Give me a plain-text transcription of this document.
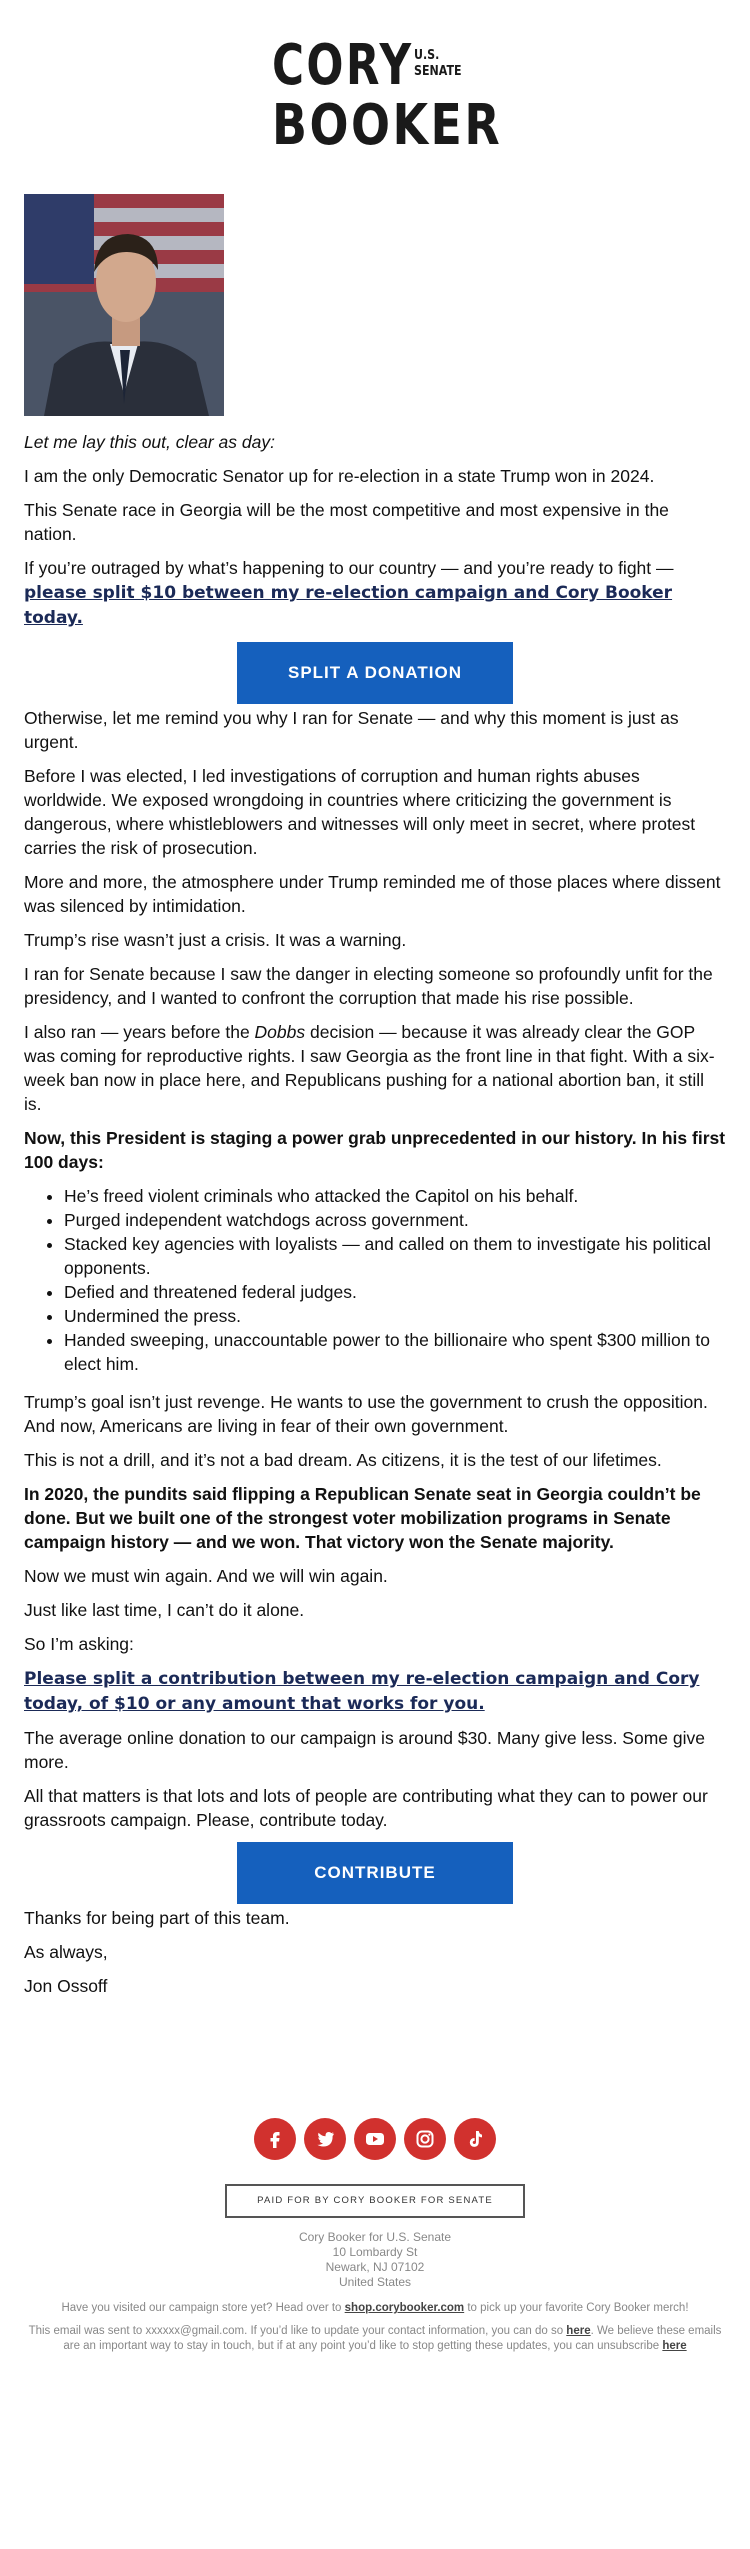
CORY U.S.
SENATE
BOOKER

Let me lay this out, clear as day:

I am the only Democratic Senator up for re-election in a state Trump won in 2024.

This Senate race in Georgia will be the most competitive and most expensive in the nation.

If you’re outraged by what’s happening to our country — and you’re ready to fight — please split $10 between my re-election campaign and Cory Booker today.

SPLIT A DONATION

Otherwise, let me remind you why I ran for Senate — and why this moment is just as urgent.

Before I was elected, I led investigations of corruption and human rights abuses worldwide. We exposed wrongdoing in countries where criticizing the government is dangerous, where whistleblowers and witnesses will only meet in secret, where protest carries the risk of prosecution.

More and more, the atmosphere under Trump reminded me of those places where dissent was silenced by intimidation.

Trump’s rise wasn’t just a crisis. It was a warning.

I ran for Senate because I saw the danger in electing someone so profoundly unfit for the presidency, and I wanted to confront the corruption that made his rise possible.

I also ran — years before the Dobbs decision — because it was already clear the GOP was coming for reproductive rights. I saw Georgia as the front line in that fight. With a six-week ban now in place here, and Republicans pushing for a national abortion ban, it still is.

Now, this President is staging a power grab unprecedented in our history. In his first 100 days:

• He’s freed violent criminals who attacked the Capitol on his behalf.
• Purged independent watchdogs across government.
• Stacked key agencies with loyalists — and called on them to investigate his political opponents.
• Defied and threatened federal judges.
• Undermined the press.
• Handed sweeping, unaccountable power to the billionaire who spent $300 million to elect him.

Trump’s goal isn’t just revenge. He wants to use the government to crush the opposition. And now, Americans are living in fear of their own government.

This is not a drill, and it’s not a bad dream. As citizens, it is the test of our lifetimes.

In 2020, the pundits said flipping a Republican Senate seat in Georgia couldn’t be done. But we built one of the strongest voter mobilization programs in Senate campaign history — and we won. That victory won the Senate majority.

Now we must win again. And we will win again.

Just like last time, I can’t do it alone.

So I’m asking:

Please split a contribution between my re-election campaign and Cory today, of $10 or any amount that works for you.

The average online donation to our campaign is around $30. Many give less. Some give more.

All that matters is that lots and lots of people are contributing what they can to power our grassroots campaign. Please, contribute today.

CONTRIBUTE

Thanks for being part of this team.

As always,

Jon Ossoff

PAID FOR BY CORY BOOKER FOR SENATE
Cory Booker for U.S. Senate
10 Lombardy St
Newark, NJ 07102
United States
Have you visited our campaign store yet? Head over to shop.corybooker.com to pick up your favorite Cory Booker merch!
This email was sent to xxxxxx@gmail.com. If you’d like to update your contact information, you can do so here. We believe these emails are an important way to stay in touch, but if at any point you’d like to stop getting these updates, you can unsubscribe here
